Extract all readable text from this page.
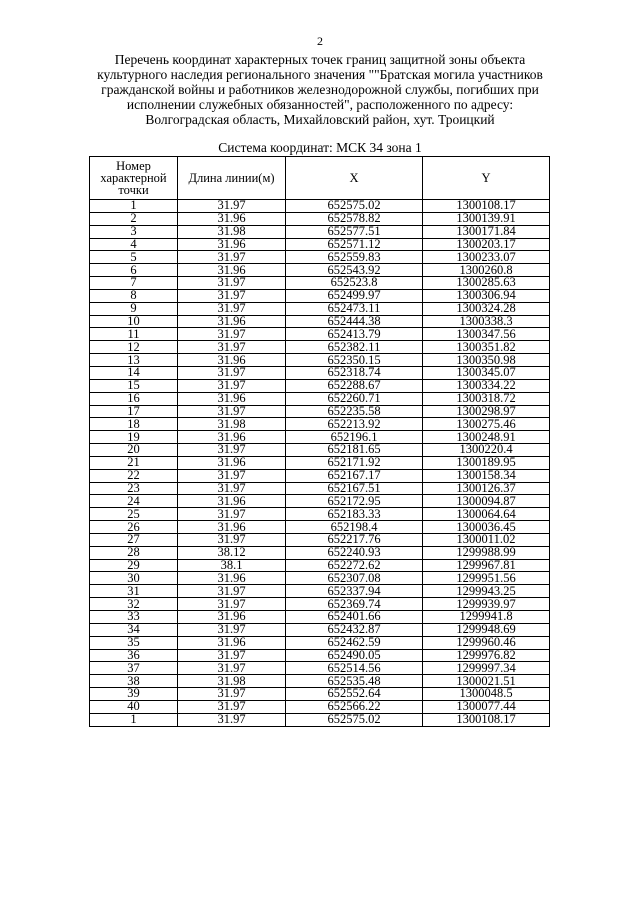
2
Перечень координат характерных точек границ защитной зоны объекта
культурного наследия регионального значения ""Братская могила участников
гражданской войны и работников железнодорожной службы, погибших при
исполнении служебных обязанностей", расположенного по адресу:
Волгоградская область, Михайловский район, хут. Троицкий
Система координат: МСК 34 зона 1
Номер характерной точки	Длина линии(м)	X	Y
1	31.97	652575.02	1300108.17
2	31.96	652578.82	1300139.91
3	31.98	652577.51	1300171.84
4	31.96	652571.12	1300203.17
5	31.97	652559.83	1300233.07
6	31.96	652543.92	1300260.8
7	31.97	652523.8	1300285.63
8	31.97	652499.97	1300306.94
9	31.97	652473.11	1300324.28
10	31.96	652444.38	1300338.3
11	31.97	652413.79	1300347.56
12	31.97	652382.11	1300351.82
13	31.96	652350.15	1300350.98
14	31.97	652318.74	1300345.07
15	31.97	652288.67	1300334.22
16	31.96	652260.71	1300318.72
17	31.97	652235.58	1300298.97
18	31.98	652213.92	1300275.46
19	31.96	652196.1	1300248.91
20	31.97	652181.65	1300220.4
21	31.96	652171.92	1300189.95
22	31.97	652167.17	1300158.34
23	31.97	652167.51	1300126.37
24	31.96	652172.95	1300094.87
25	31.97	652183.33	1300064.64
26	31.96	652198.4	1300036.45
27	31.97	652217.76	1300011.02
28	38.12	652240.93	1299988.99
29	38.1	652272.62	1299967.81
30	31.96	652307.08	1299951.56
31	31.97	652337.94	1299943.25
32	31.97	652369.74	1299939.97
33	31.96	652401.66	1299941.8
34	31.97	652432.87	1299948.69
35	31.96	652462.59	1299960.46
36	31.97	652490.05	1299976.82
37	31.97	652514.56	1299997.34
38	31.98	652535.48	1300021.51
39	31.97	652552.64	1300048.5
40	31.97	652566.22	1300077.44
1	31.97	652575.02	1300108.17
